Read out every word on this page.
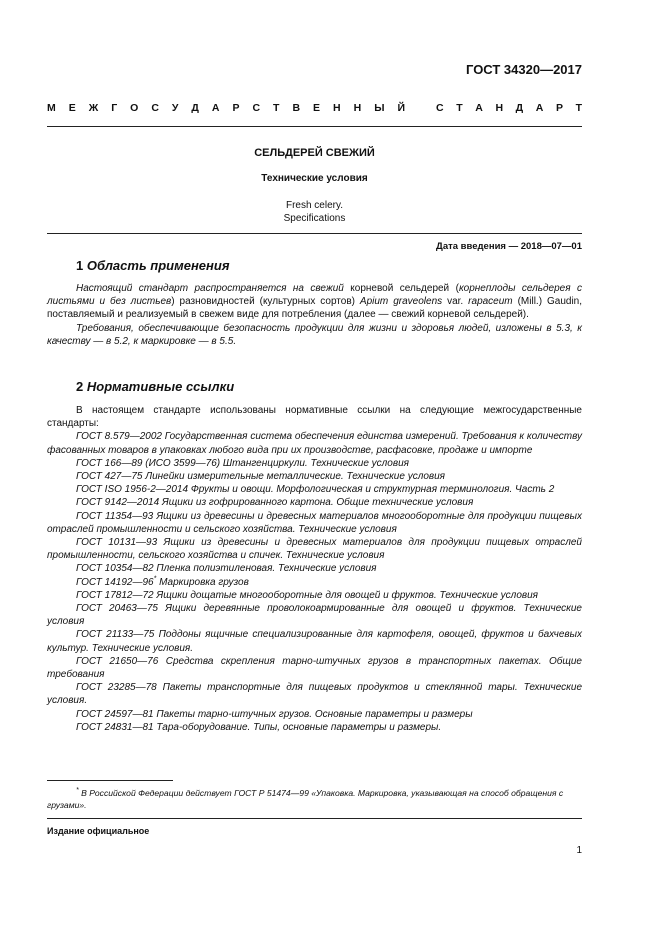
ГОСТ 34320—2017
М Е Ж Г О С У Д А Р С Т В Е Н Н Ы Й	С Т А Н Д А Р Т
СЕЛЬДЕРЕЙ СВЕЖИЙ
Технические условия
Fresh celery.
Specifications
Дата введения — 2018—07—01
1 Область применения

Настоящий стандарт распространяется на свежий корневой сельдерей (корнеплоды сельдерея с листьями и без листьев) разновидностей (культурных сортов) Apium graveolens var. rapaceum (Mill.) Gaudin, поставляемый и реализуемый в свежем виде для потребления (далее — свежий корневой сельдерей).

Требования, обеспечивающие безопасность продукции для жизни и здоровья людей, изложены в 5.3, к качеству — в 5.2, к маркировке — в 5.5.

2 Нормативные ссылки

В настоящем стандарте использованы нормативные ссылки на следующие межгосударственные стандарты:

ГОСТ 8.579—2002 Государственная система обеспечения единства измерений. Требования к количеству фасованных товаров в упаковках любого вида при их производстве, расфасовке, продаже и импорте

ГОСТ 166—89 (ИСО 3599—76) Штангенциркули. Технические условия

ГОСТ 427—75 Линейки измерительные металлические. Технические условия

ГОСТ ISO 1956-2—2014 Фрукты и овощи. Морфологическая и структурная терминология. Часть 2

ГОСТ 9142—2014 Ящики из гофрированного картона. Общие технические условия

ГОСТ 11354—93 Ящики из древесины и древесных материалов многооборотные для продукции пищевых отраслей промышленности и сельского хозяйства. Технические условия

ГОСТ 10131—93 Ящики из древесины и древесных материалов для продукции пищевых отраслей промышленности, сельского хозяйства и спичек. Технические условия

ГОСТ 10354—82 Пленка полиэтиленовая. Технические условия

ГОСТ 14192—96* Маркировка грузов

ГОСТ 17812—72 Ящики дощатые многооборотные для овощей и фруктов. Технические условия

ГОСТ 20463—75 Ящики деревянные проволокоармированные для овощей и фруктов. Технические условия

ГОСТ 21133—75 Поддоны ящичные специализированные для картофеля, овощей, фруктов и бахчевых культур. Технические условия.

ГОСТ 21650—76 Средства скрепления тарно-штучных грузов в транспортных пакетах. Общие требования

ГОСТ 23285—78 Пакеты транспортные для пищевых продуктов и стеклянной тары. Технические условия.

ГОСТ 24597—81 Пакеты тарно-штучных грузов. Основные параметры и размеры

ГОСТ 24831—81 Тара-оборудование. Типы, основные параметры и размеры.

* В Российской Федерации действует ГОСТ Р 51474—99 «Упаковка. Маркировка, указывающая на способ обращения с грузами».

Издание официальное
1
